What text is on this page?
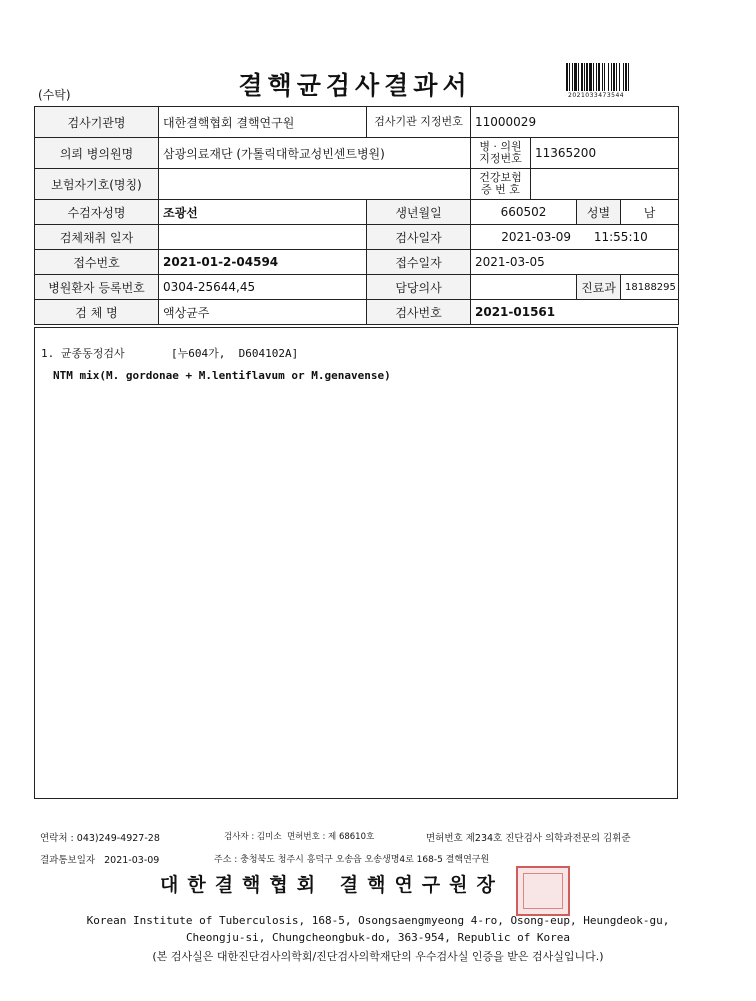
(수탁)	결핵균검사결과서	2021033473544
검사기관명	대한결핵협회 결핵연구원	검사기관 지정번호	11000029			
의뢰 병의원명	삼광의료재단 (가톨릭대학교성빈센트병원)		병 · 의원 지정번호	11365200		
보험자기호(명칭)			건강보험 증 번 호			
수검자성명	조광선	생년월일	660502		성별	남
검체채취 일자		검사일자	2021-03-09      11:55:10			
접수번호	2021-01-2-04594	접수일자	2021-03-05			
병원환자 등록번호	0304-25644,45	담당의사			진료과	18188295
검 체 명	액상균주	검사번호	2021-01561			
1. 균종동정검사       [누604가,  D604102A]
NTM mix(M. gordonae + M.lentiflavum or M.genavense)
연락처 : 043)249-4927-28	검사자 : 김미소  면허번호 : 제 68610호	면허번호 제234호 진단검사 의학과전문의 김휘준
결과통보일자   2021-03-09	주소 : 충청북도 청주시 흥덕구 오송읍 오송생명4로 168-5 결핵연구원
대한결핵협회 결핵연구원장
Korean Institute of Tuberculosis, 168-5, Osongsaengmyeong 4-ro, Osong-eup, Heungdeok-gu,
Cheongju-si, Chungcheongbuk-do, 363-954, Republic of Korea
(본 검사실은 대한진단검사의학회/진단검사의학재단의 우수검사실 인증을 받은 검사실입니다.)
